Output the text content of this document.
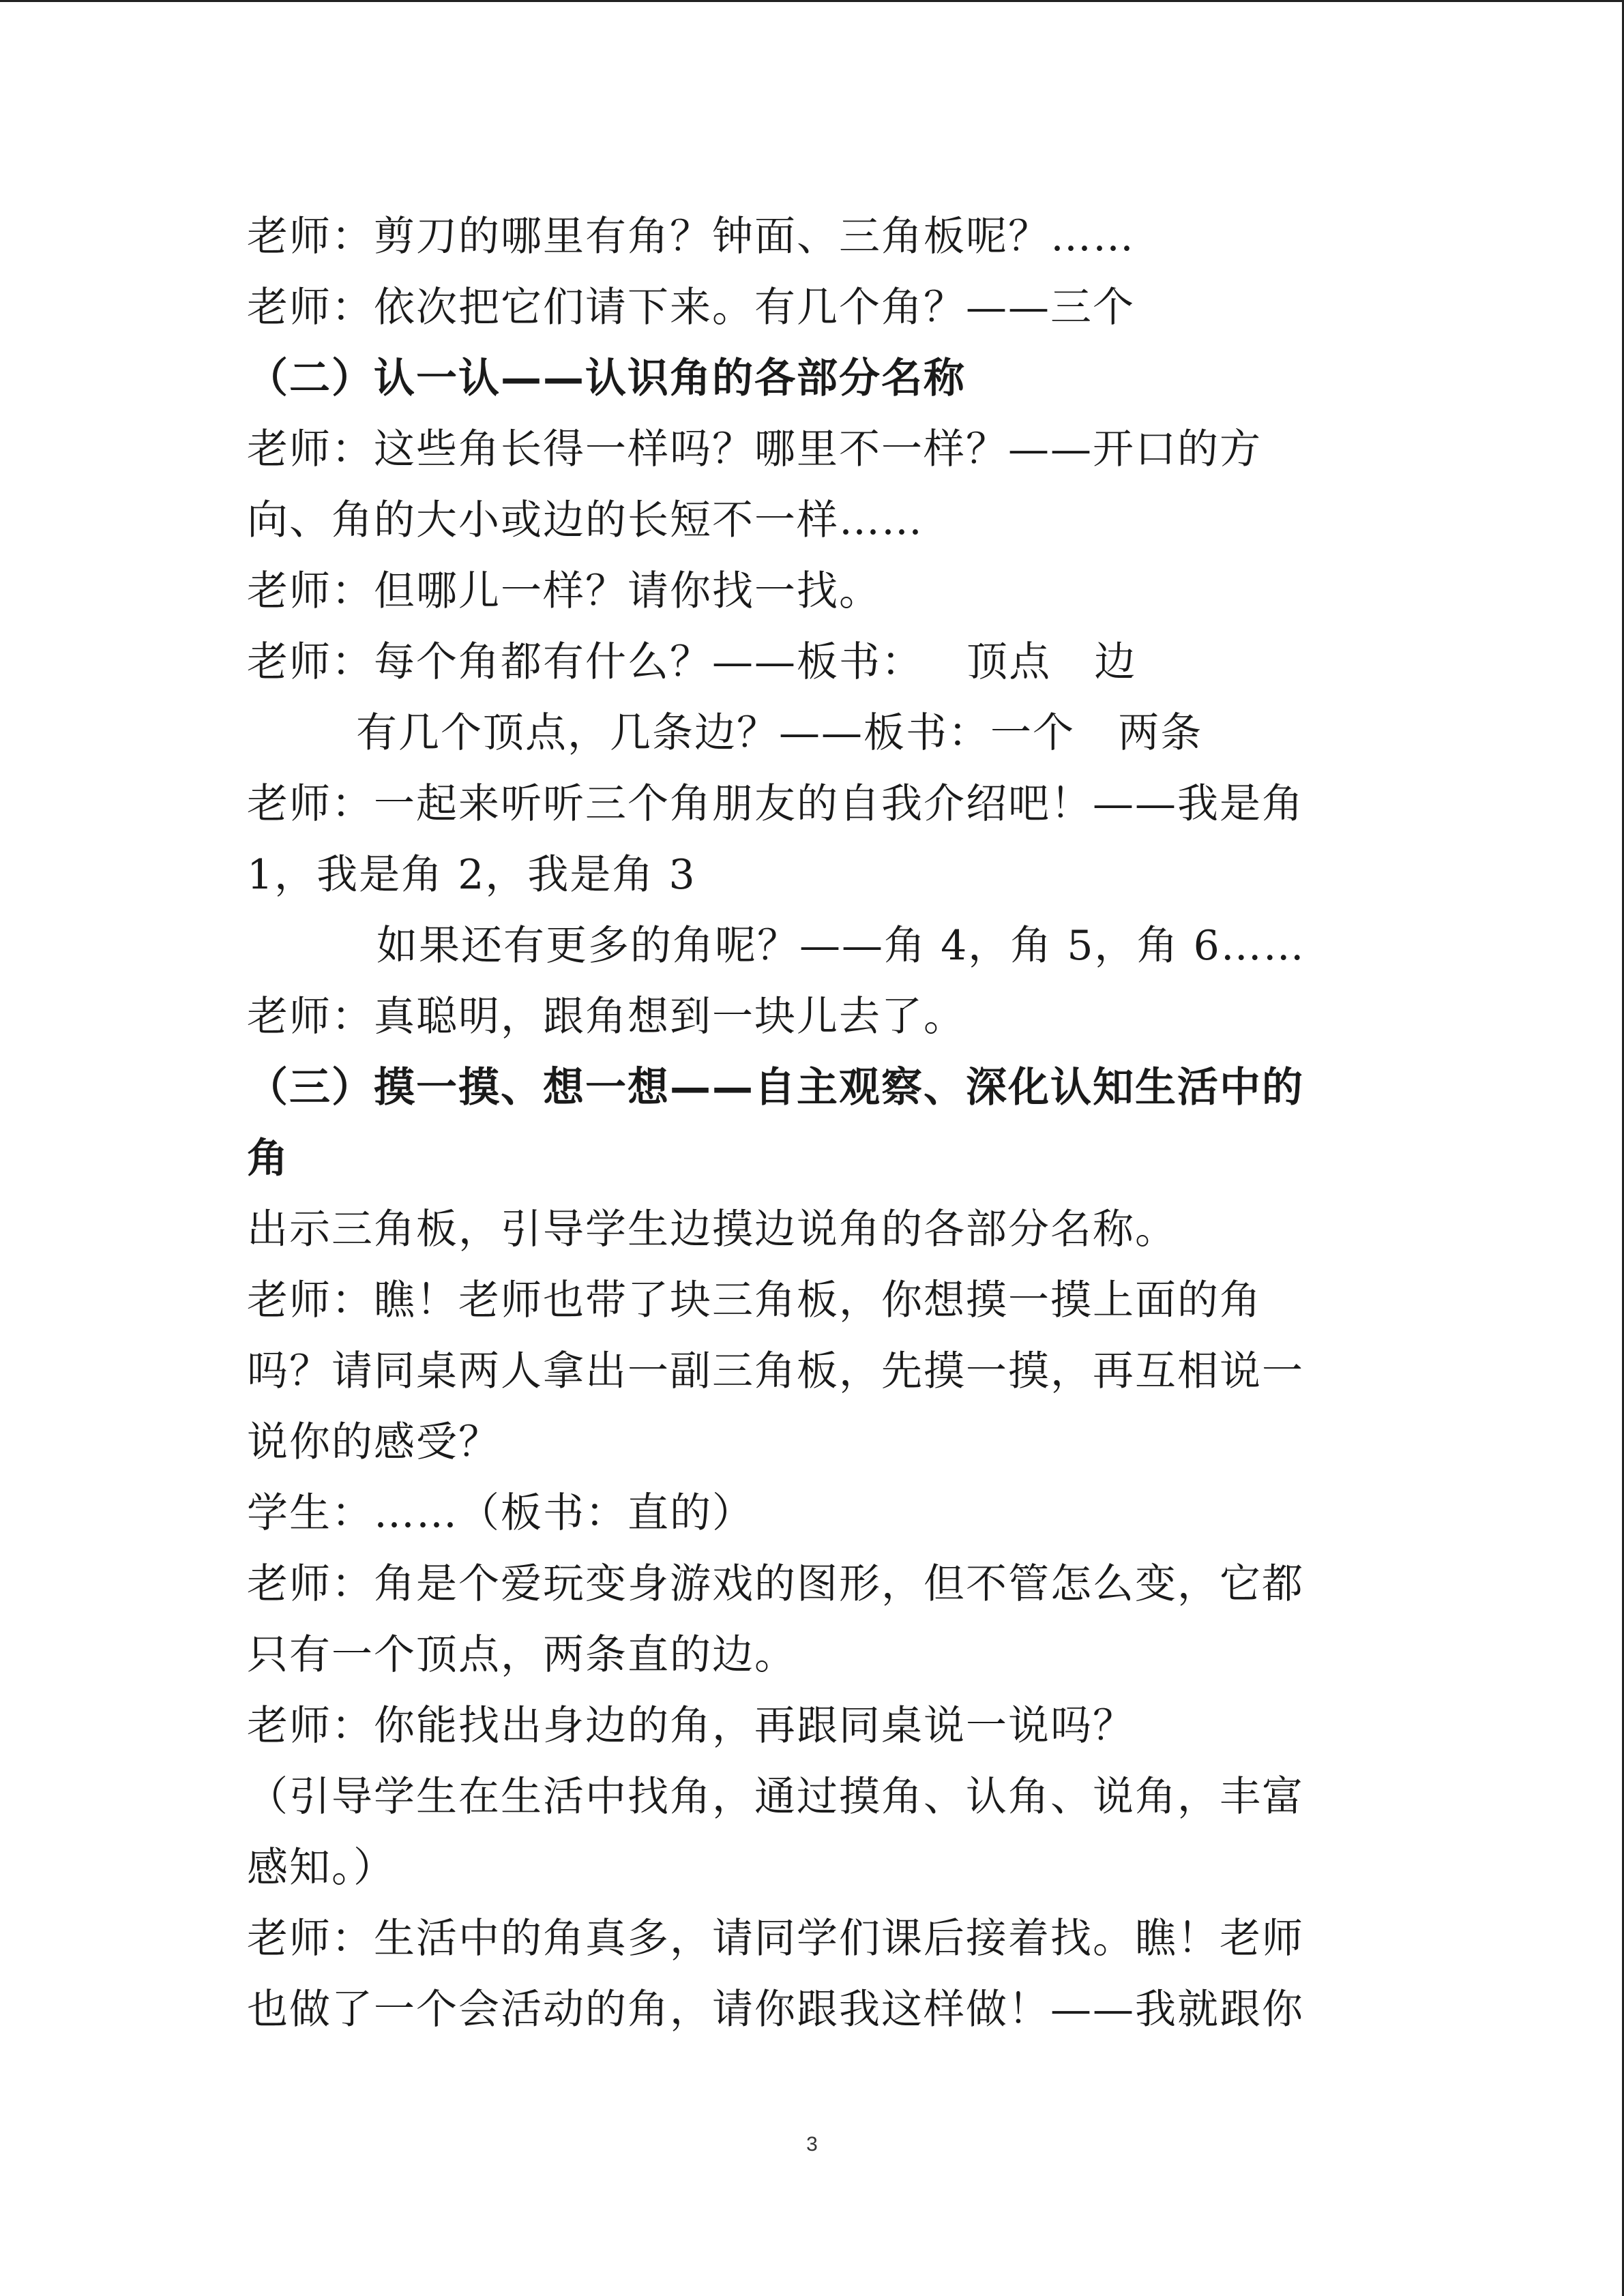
老师：剪刀的哪里有角？钟面、三角板呢？……
老师：依次把它们请下来。有几个角？——三个
（二）认一认——认识角的各部分名称
老师：这些角长得一样吗？哪里不一样？——开口的方
向、角的大小或边的长短不一样……
老师：但哪儿一样？请你找一找。
老师：每个角都有什么？——板书：   顶点   边
有几个顶点，几条边？——板书：一个   两条
老师：一起来听听三个角朋友的自我介绍吧！——我是角
1，我是角 2，我是角 3
如果还有更多的角呢？——角 4，角 5，角 6……
老师：真聪明，跟角想到一块儿去了。
（三）摸一摸、想一想——自主观察、深化认知生活中的
角
出示三角板，引导学生边摸边说角的各部分名称。
老师：瞧！老师也带了块三角板，你想摸一摸上面的角
吗？请同桌两人拿出一副三角板，先摸一摸，再互相说一
说你的感受？
学生：……（板书：直的）
老师：角是个爱玩变身游戏的图形，但不管怎么变，它都
只有一个顶点，两条直的边。
老师：你能找出身边的角，再跟同桌说一说吗？
（引导学生在生活中找角，通过摸角、认角、说角，丰富
感知。）
老师：生活中的角真多，请同学们课后接着找。瞧！老师
也做了一个会活动的角，请你跟我这样做！——我就跟你
3
